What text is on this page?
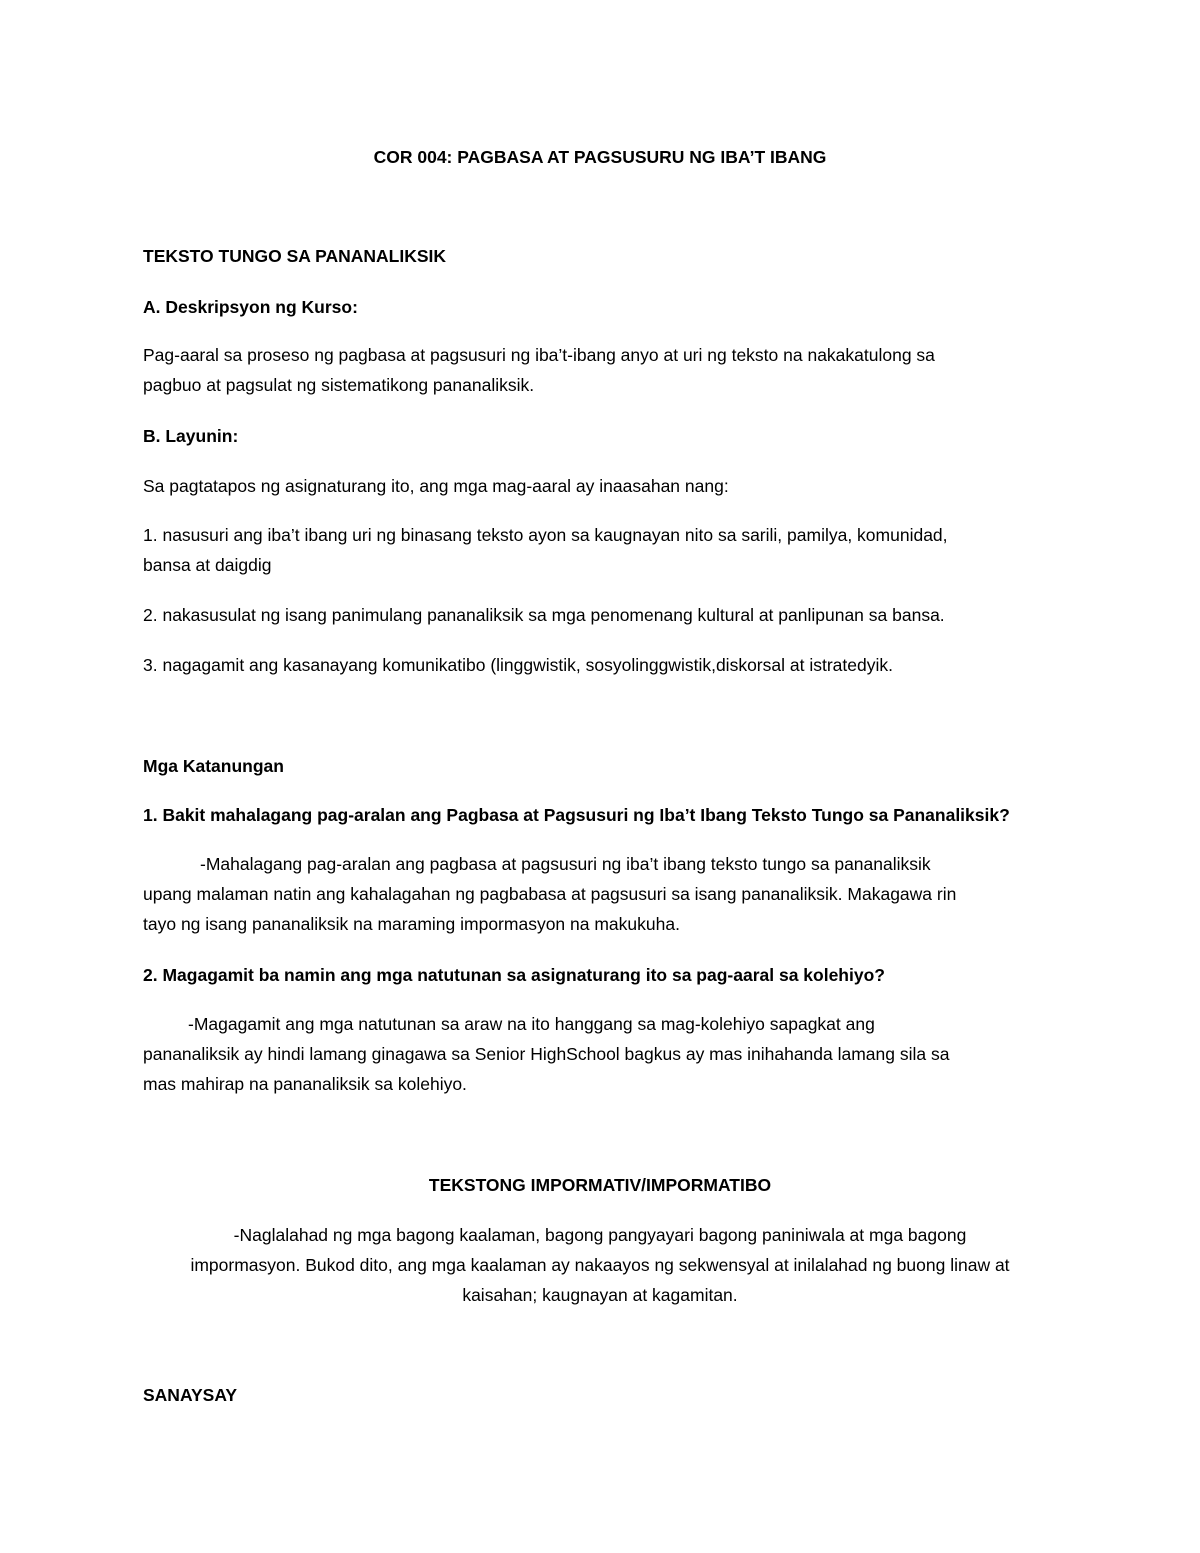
COR 004: PAGBASA AT PAGSUSURU NG IBA’T IBANG
TEKSTO TUNGO SA PANANALIKSIK
A. Deskripsyon ng Kurso:
Pag-aaral sa proseso ng pagbasa at pagsusuri ng iba’t-ibang anyo at uri ng teksto na nakakatulong sa
pagbuo at pagsulat ng sistematikong pananaliksik.
B. Layunin:
Sa pagtatapos ng asignaturang ito, ang mga mag-aaral ay inaasahan nang:
1. nasusuri ang iba’t ibang uri ng binasang teksto ayon sa kaugnayan nito sa sarili, pamilya, komunidad,
bansa at daigdig
2. nakasusulat ng isang panimulang pananaliksik sa mga penomenang kultural at panlipunan sa bansa.
3. nagagamit ang kasanayang komunikatibo (linggwistik, sosyolinggwistik,diskorsal at istratedyik.
Mga Katanungan
1. Bakit mahalagang pag-aralan ang Pagbasa at Pagsusuri ng Iba’t Ibang Teksto Tungo sa Pananaliksik?
-Mahalagang pag-aralan ang pagbasa at pagsusuri ng iba’t ibang teksto tungo sa pananaliksik
upang malaman natin ang kahalagahan ng pagbabasa at pagsusuri sa isang pananaliksik. Makagawa rin
tayo ng isang pananaliksik na maraming impormasyon na makukuha.
2. Magagamit ba namin ang mga natutunan sa asignaturang ito sa pag-aaral sa kolehiyo?
-Magagamit ang mga natutunan sa araw na ito hanggang sa mag-kolehiyo sapagkat ang
pananaliksik ay hindi lamang ginagawa sa Senior HighSchool bagkus ay mas inihahanda lamang sila sa
mas mahirap na pananaliksik sa kolehiyo.
TEKSTONG IMPORMATIV/IMPORMATIBO
-Naglalahad ng mga bagong kaalaman, bagong pangyayari bagong paniniwala at mga bagong
impormasyon. Bukod dito, ang mga kaalaman ay nakaayos ng sekwensyal at inilalahad ng buong linaw at
kaisahan; kaugnayan at kagamitan.
SANAYSAY
